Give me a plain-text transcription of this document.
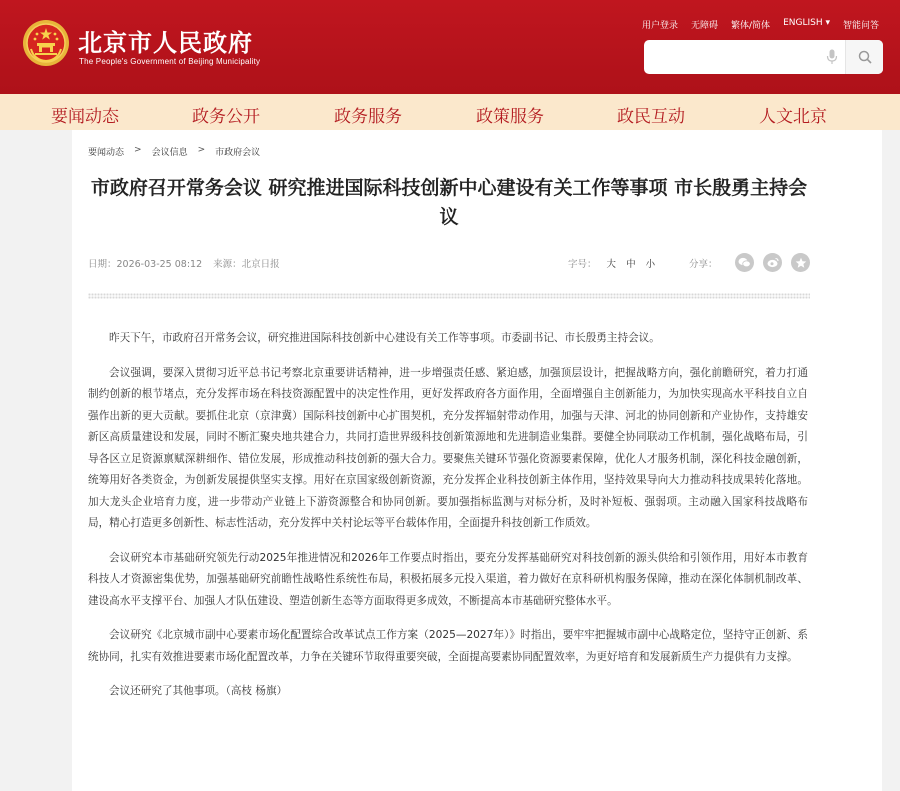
北京市人民政府
The People's Government of Beijing Municipality
用户登录 无障碍 繁体/简体 ENGLISH ▾ 智能问答
要闻动态	政务公开	政务服务	政策服务	政民互动	人文北京
要闻动态 > 会议信息 > 市政府会议
市政府召开常务会议 研究推进国际科技创新中心建设有关工作等事项 市长殷勇主持会议
日期：2026-03-25 08:12 来源：北京日报	字号： 大 中 小	分享：

昨天下午，市政府召开常务会议，研究推进国际科技创新中心建设有关工作等事项。市委副书记、市长殷勇主持会议。

会议强调，要深入贯彻习近平总书记考察北京重要讲话精神，进一步增强责任感、紧迫感，加强顶层设计，把握战略方向，强化前瞻研究，着力打通制约创新的根节堵点，充分发挥市场在科技资源配置中的决定性作用，更好发挥政府各方面作用，全面增强自主创新能力，为加快实现高水平科技自立自强作出新的更大贡献。要抓住北京（京津冀）国际科技创新中心扩围契机，充分发挥辐射带动作用，加强与天津、河北的协同创新和产业协作，支持雄安新区高质量建设和发展，同时不断汇聚央地共建合力，共同打造世界级科技创新策源地和先进制造业集群。要健全协同联动工作机制，强化战略布局，引导各区立足资源禀赋深耕细作、错位发展，形成推动科技创新的强大合力。要聚焦关键环节强化资源要素保障，优化人才服务机制，深化科技金融创新，统筹用好各类资金，为创新发展提供坚实支撑。用好在京国家级创新资源，充分发挥企业科技创新主体作用，坚持效果导向大力推动科技成果转化落地。加大龙头企业培育力度，进一步带动产业链上下游资源整合和协同创新。要加强指标监测与对标分析，及时补短板、强弱项。主动融入国家科技战略布局，精心打造更多创新性、标志性活动，充分发挥中关村论坛等平台载体作用，全面提升科技创新工作质效。

会议研究本市基础研究领先行动2025年推进情况和2026年工作要点时指出，要充分发挥基础研究对科技创新的源头供给和引领作用，用好本市教育科技人才资源密集优势，加强基础研究前瞻性战略性系统性布局，积极拓展多元投入渠道，着力做好在京科研机构服务保障，推动在深化体制机制改革、建设高水平支撑平台、加强人才队伍建设、塑造创新生态等方面取得更多成效，不断提高本市基础研究整体水平。

会议研究《北京城市副中心要素市场化配置综合改革试点工作方案（2025—2027年）》时指出，要牢牢把握城市副中心战略定位，坚持守正创新、系统协同，扎实有效推进要素市场化配置改革，力争在关键环节取得重要突破，全面提高要素协同配置效率，为更好培育和发展新质生产力提供有力支撑。

会议还研究了其他事项。（高枝 杨旗）
